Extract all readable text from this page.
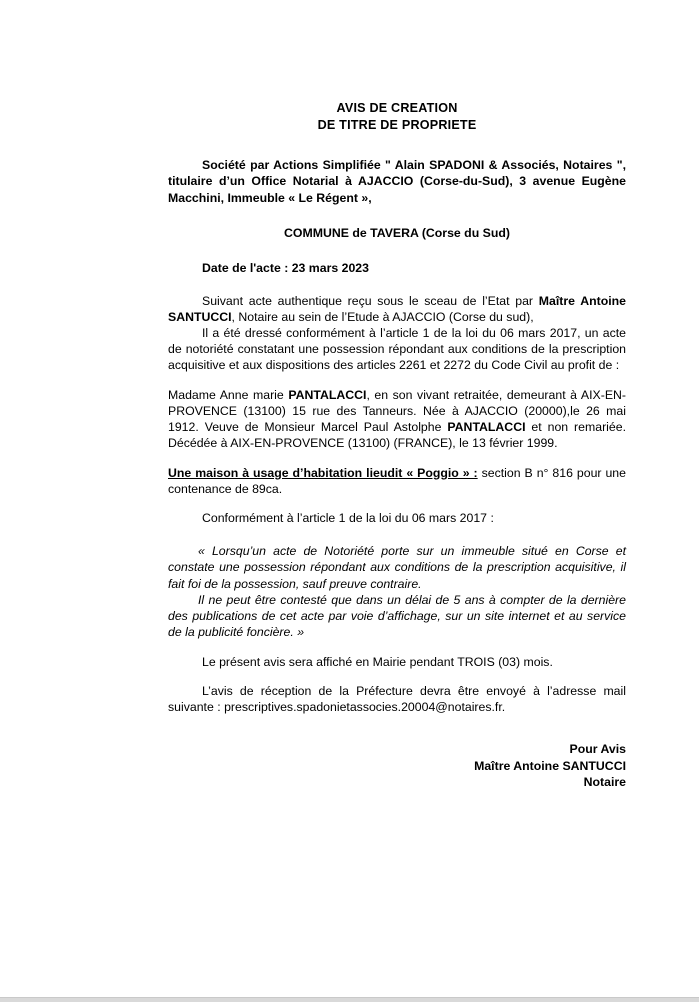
AVIS DE CREATION
DE TITRE DE PROPRIETE

Société par Actions Simplifiée " Alain SPADONI & Associés, Notaires ", titulaire d’un Office Notarial à AJACCIO (Corse-du-Sud), 3 avenue Eugène Macchini, Immeuble « Le Régent »,

COMMUNE de TAVERA (Corse du Sud)

Date de l'acte : 23 mars 2023

Suivant acte authentique reçu sous le sceau de l’Etat par Maître Antoine SANTUCCI, Notaire au sein de l’Etude à AJACCIO (Corse du sud),

Il a été dressé conformément à l’article 1 de la loi du 06 mars 2017, un acte de notoriété constatant une possession répondant aux conditions de la prescription acquisitive et aux dispositions des articles 2261 et 2272 du Code Civil au profit de :

Madame Anne marie PANTALACCI, en son vivant retraitée, demeurant à AIX-EN-PROVENCE (13100) 15 rue des Tanneurs. Née à AJACCIO (20000),le 26 mai 1912. Veuve de Monsieur Marcel Paul Astolphe PANTALACCI et non remariée. Décédée à AIX-EN-PROVENCE (13100) (FRANCE), le 13 février 1999.

Une maison à usage d’habitation lieudit « Poggio » : section B n° 816 pour une contenance de 89ca.

Conformément à l’article 1 de la loi du 06 mars 2017 :

« Lorsqu’un acte de Notoriété porte sur un immeuble situé en Corse et constate une possession répondant aux conditions de la prescription acquisitive, il fait foi de la possession, sauf preuve contraire.

Il ne peut être contesté que dans un délai de 5 ans à compter de la dernière des publications de cet acte par voie d’affichage, sur un site internet et au service de la publicité foncière. »

Le présent avis sera affiché en Mairie pendant TROIS (03) mois.

L’avis de réception de la Préfecture devra être envoyé à l’adresse mail suivante : prescriptives.spadonietassocies.20004@notaires.fr.

Pour Avis
Maître Antoine SANTUCCI
Notaire
